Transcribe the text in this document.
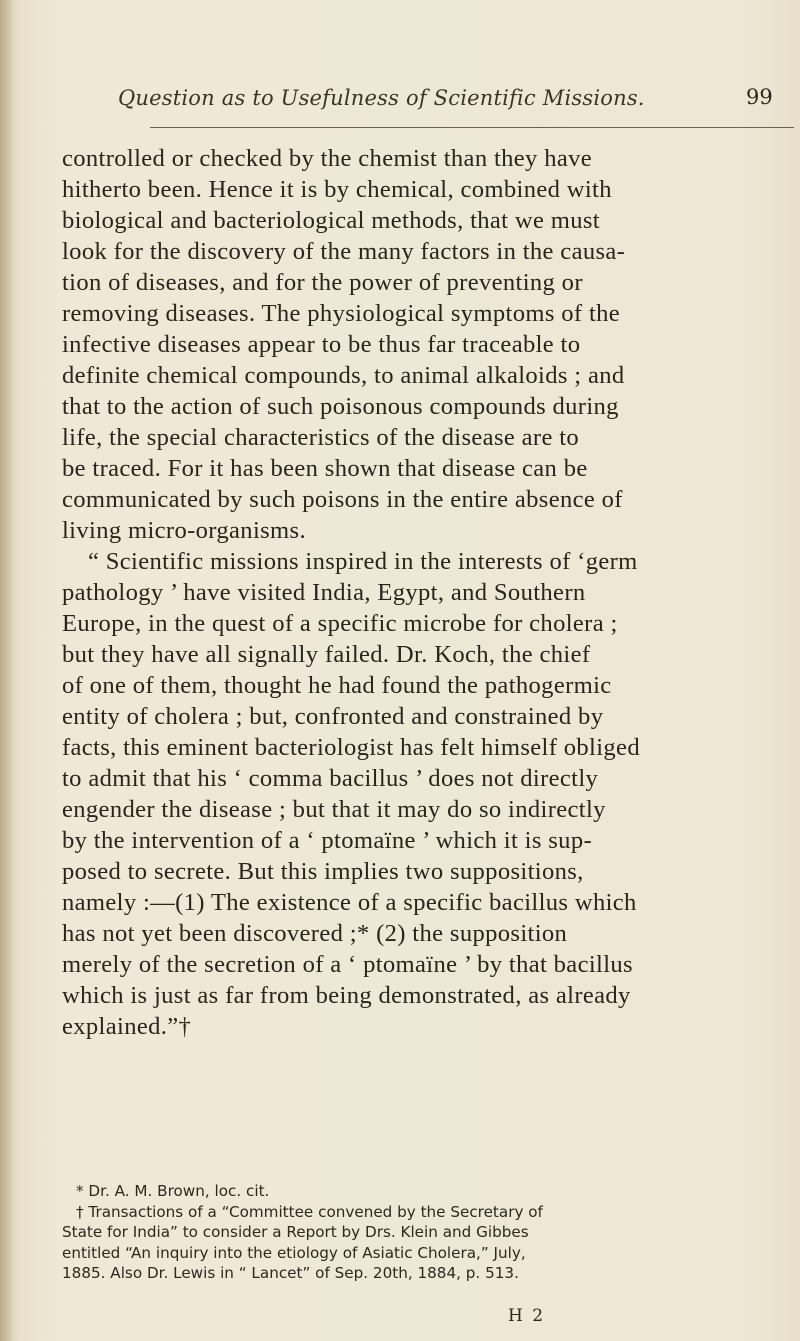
Question as to Usefulness of Scientific Missions.	99
controlled or checked by the chemist than they have
hitherto been. Hence it is by chemical, combined with
biological and bacteriological methods, that we must
look for the discovery of the many factors in the causa-
tion of diseases, and for the power of preventing or
removing diseases. The physiological symptoms of the
infective diseases appear to be thus far traceable to
definite chemical compounds, to animal alkaloids ; and
that to the action of such poisonous compounds during
life, the special characteristics of the disease are to
be traced. For it has been shown that disease can be
communicated by such poisons in the entire absence of
living micro-organisms.
“ Scientific missions inspired in the interests of ‘germ
pathology ’ have visited India, Egypt, and Southern
Europe, in the quest of a specific microbe for cholera ;
but they have all signally failed. Dr. Koch, the chief
of one of them, thought he had found the pathogermic
entity of cholera ; but, confronted and constrained by
facts, this eminent bacteriologist has felt himself obliged
to admit that his ‘ comma bacillus ’ does not directly
engender the disease ; but that it may do so indirectly
by the intervention of a ‘ ptomaïne ’ which it is sup-
posed to secrete. But this implies two suppositions,
namely :—(1) The existence of a specific bacillus which
has not yet been discovered ;* (2) the supposition
merely of the secretion of a ‘ ptomaïne ’ by that bacillus
which is just as far from being demonstrated, as already
explained.”†
* Dr. A. M. Brown, loc. cit.
† Transactions of a “Committee convened by the Secretary of
State for India” to consider a Report by Drs. Klein and Gibbes
entitled “An inquiry into the etiology of Asiatic Cholera,” July,
1885. Also Dr. Lewis in “ Lancet” of Sep. 20th, 1884, p. 513.
H 2
